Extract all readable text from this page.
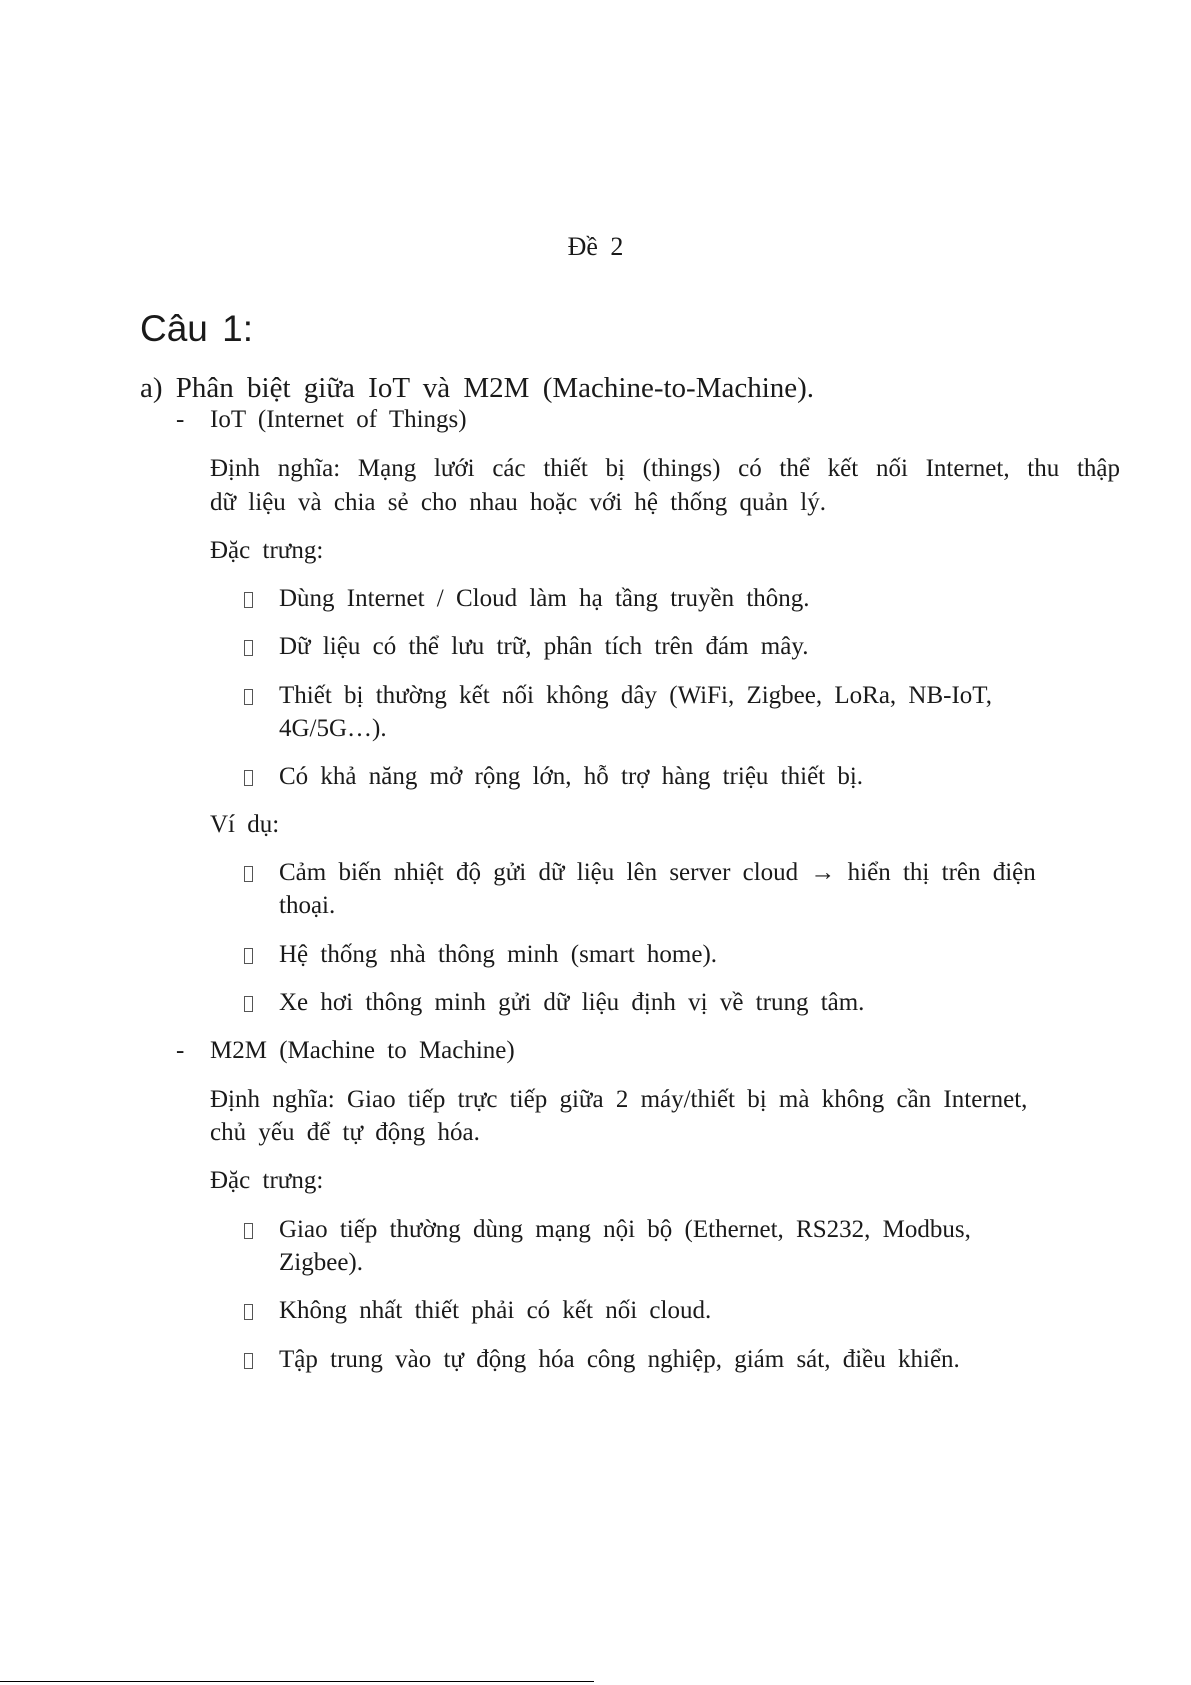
Đề 2

Câu 1:

a) Phân biệt giữa IoT và M2M (Machine-to-Machine).

- IoT (Internet of Things)

Định nghĩa: Mạng lưới các thiết bị (things) có thể kết nối Internet, thu thập

dữ liệu và chia sẻ cho nhau hoặc với hệ thống quản lý.

Đặc trưng:

Dùng Internet / Cloud làm hạ tầng truyền thông.

Dữ liệu có thể lưu trữ, phân tích trên đám mây.

Thiết bị thường kết nối không dây (WiFi, Zigbee, LoRa, NB-IoT,

4G/5G…).

Có khả năng mở rộng lớn, hỗ trợ hàng triệu thiết bị.

Ví dụ:

Cảm biến nhiệt độ gửi dữ liệu lên server cloud → hiển thị trên điện

thoại.

Hệ thống nhà thông minh (smart home).

Xe hơi thông minh gửi dữ liệu định vị về trung tâm.

- M2M (Machine to Machine)

Định nghĩa: Giao tiếp trực tiếp giữa 2 máy/thiết bị mà không cần Internet,

chủ yếu để tự động hóa.

Đặc trưng:

Giao tiếp thường dùng mạng nội bộ (Ethernet, RS232, Modbus,

Zigbee).

Không nhất thiết phải có kết nối cloud.

Tập trung vào tự động hóa công nghiệp, giám sát, điều khiển.
